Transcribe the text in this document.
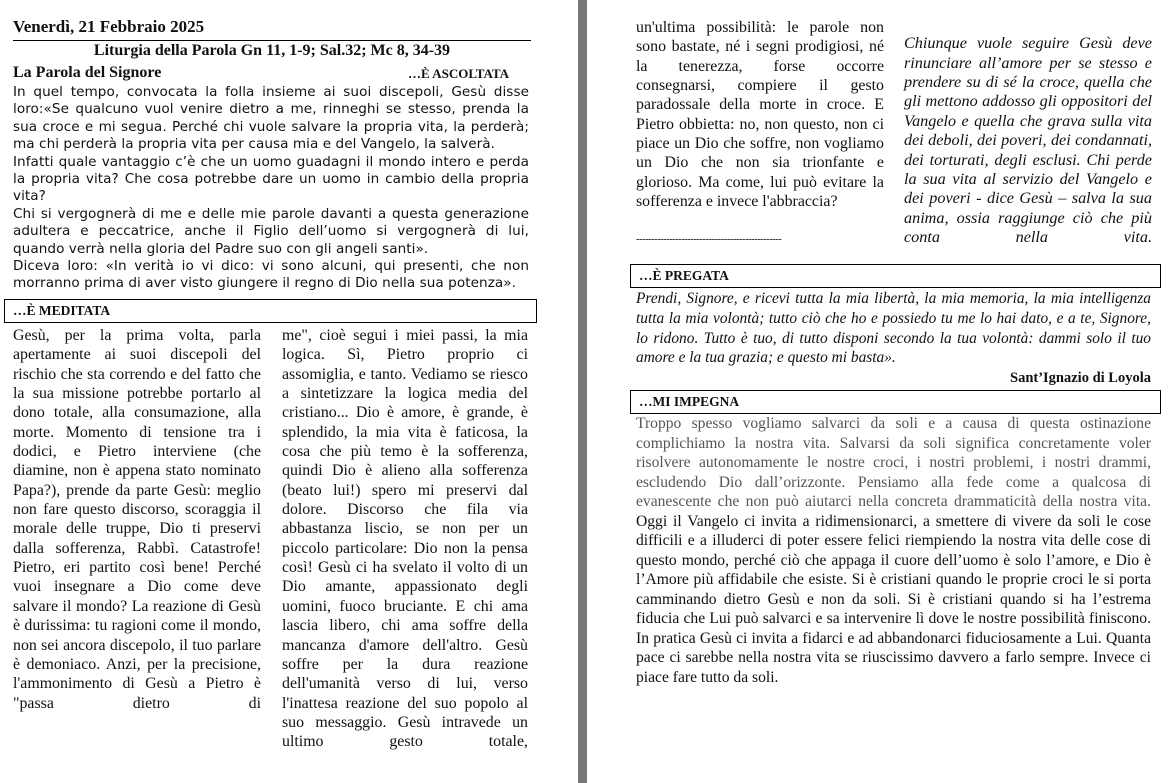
Venerdì, 21 Febbraio 2025
Liturgia della Parola Gn 11, 1-9; Sal.32; Mc 8, 34-39
La Parola del Signore	…È ASCOLTATA

In quel tempo, convocata la folla insieme ai suoi discepoli, Gesù disse loro:«Se qualcuno vuol venire dietro a me, rinneghi se stesso, prenda la sua croce e mi segua. Perché chi vuole salvare la propria vita, la perderà; ma chi perderà la propria vita per causa mia e del Vangelo, la salverà.

Infatti quale vantaggio c’è che un uomo guadagni il mondo intero e perda la propria vita? Che cosa potrebbe dare un uomo in cambio della propria vita?

Chi si vergognerà di me e delle mie parole davanti a questa generazione adultera e peccatrice, anche il Figlio dell’uomo si vergognerà di lui, quando verrà nella gloria del Padre suo con gli angeli santi».

Diceva loro: «In verità io vi dico: vi sono alcuni, qui presenti, che non morranno prima di aver visto giungere il regno di Dio nella sua potenza».

…È MEDITATA

Gesù, per la prima volta, parla apertamente ai suoi discepoli del rischio che sta correndo e del fatto che la sua missione potrebbe portarlo al dono totale, alla consumazione, alla morte. Momento di tensione tra i dodici, e Pietro interviene (che diamine, non è appena stato nominato Papa?), prende da parte Gesù: meglio non fare questo discorso, scoraggia il morale delle truppe, Dio ti preservi dalla sofferenza, Rabbì. Catastrofe! Pietro, eri partito così bene! Perché vuoi insegnare a Dio come deve salvare il mondo? La reazione di Gesù è durissima: tu ragioni come il mondo, non sei ancora discepolo, il tuo parlare è demoniaco. Anzi, per la precisione, l'ammonimento di Gesù a Pietro è "passa dietro di

me", cioè segui i miei passi, la mia logica. Sì, Pietro proprio ci assomiglia, e tanto. Vediamo se riesco a sintetizzare la logica media del cristiano... Dio è amore, è grande, è splendido, la mia vita è faticosa, la cosa che più temo è la sofferenza, quindi Dio è alieno alla sofferenza (beato lui!) spero mi preservi dal dolore. Discorso che fila via abbastanza liscio, se non per un piccolo particolare: Dio non la pensa così! Gesù ci ha svelato il volto di un Dio amante, appassionato degli uomini, fuoco bruciante. E chi ama lascia libero, chi ama soffre della mancanza d'amore dell'altro. Gesù soffre per la dura reazione dell'umanità verso di lui, verso l'inattesa reazione del suo popolo al suo messaggio. Gesù intravede un ultimo gesto totale,

un'ultima possibilità: le parole non sono bastate, né i segni prodigiosi, né la tenerezza, forse occorre consegnarsi, compiere il gesto paradossale della morte in croce. E Pietro obbietta: no, non questo, non ci piace un Dio che soffre, non vogliamo un Dio che non sia trionfante e glorioso. Ma come, lui può evitare la sofferenza e invece l'abbraccia?

------------------------------------------------

Chiunque vuole seguire Gesù deve rinunciare all’amore per se stesso e prendere su di sé la croce, quella che gli mettono addosso gli oppositori del Vangelo e quella che grava sulla vita dei deboli, dei poveri, dei condannati, dei torturati, degli esclusi. Chi perde la sua vita al servizio del Vangelo e dei poveri - dice Gesù – salva la sua anima, ossia raggiunge ciò che più conta nella vita.

…È PREGATA

Prendi, Signore, e ricevi tutta la mia libertà, la mia memoria, la mia intelligenza tutta la mia volontà; tutto ciò che ho e possiedo tu me lo hai dato, e a te, Signore, lo ridono. Tutto è tuo, di tutto disponi secondo la tua volontà: dammi solo il tuo amore e la tua grazia; e questo mi basta».

Sant’Ignazio di Loyola
…MI IMPEGNA

Troppo spesso vogliamo salvarci da soli e a causa di questa ostinazione complichiamo la nostra vita. Salvarsi da soli significa concretamente voler risolvere autonomamente le nostre croci, i nostri problemi, i nostri drammi, escludendo Dio dall’orizzonte. Pensiamo alla fede come a qualcosa di evanescente che non può aiutarci nella concreta drammaticità della nostra vita. Oggi il Vangelo ci invita a ridimensionarci, a smettere di vivere da soli le cose difficili e a illuderci di poter essere felici riempiendo la nostra vita delle cose di questo mondo, perché ciò che appaga il cuore dell’uomo è solo l’amore, e Dio è l’Amore più affidabile che esiste. Si è cristiani quando le proprie croci le si porta camminando dietro Gesù e non da soli. Si è cristiani quando si ha l’estrema fiducia che Lui può salvarci e sa intervenire lì dove le nostre possibilità finiscono. In pratica Gesù ci invita a fidarci e ad abbandonarci fiduciosamente a Lui. Quanta pace ci sarebbe nella nostra vita se riuscissimo davvero a farlo sempre. Invece ci piace fare tutto da soli.
